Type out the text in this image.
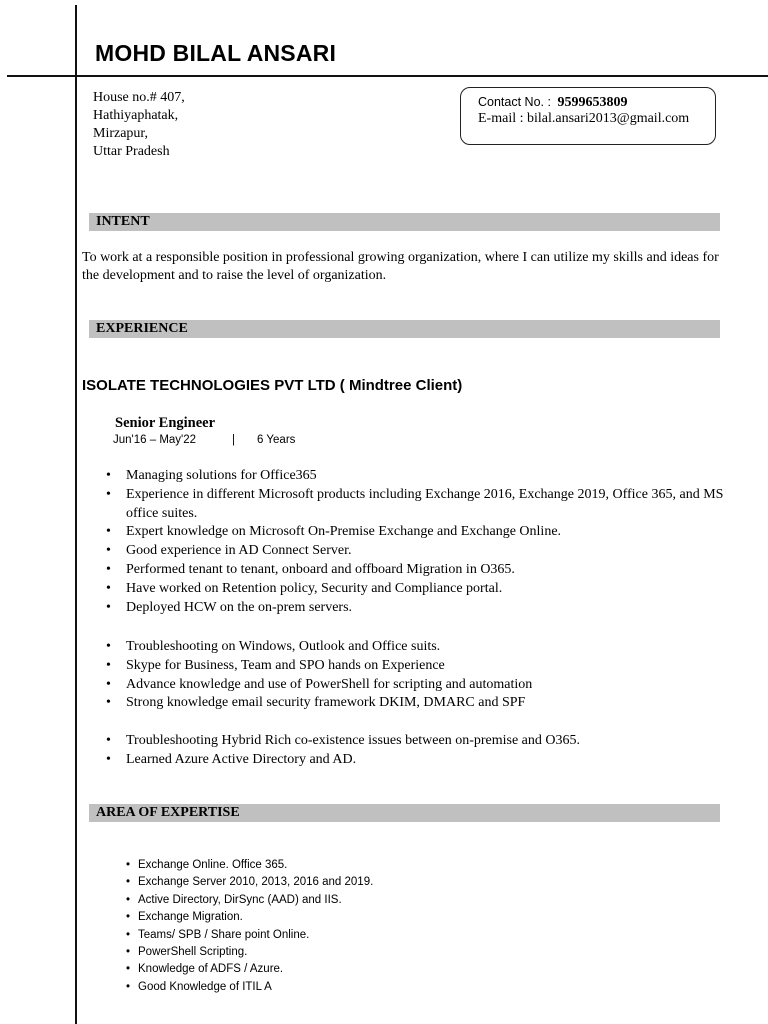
MOHD BILAL ANSARI
House no.# 407,
Hathiyaphatak,
Mirzapur,
Uttar Pradesh
Contact No. : 9599653809
E-mail : bilal.ansari2013@gmail.com
INTENT
To work at a responsible position in professional growing organization, where I can utilize my skills and ideas for the development and to raise the level of organization.
EXPERIENCE
ISOLATE TECHNOLOGIES PVT LTD ( Mindtree Client)
Senior Engineer
Jun'16 – May'22	| 6 Years
• Managing solutions for Office365
• Experience in different Microsoft products including Exchange 2016, Exchange 2019, Office 365, and MS office suites.
• Expert knowledge on Microsoft On-Premise Exchange and Exchange Online.
• Good experience in AD Connect Server.
• Performed tenant to tenant, onboard and offboard Migration in O365.
• Have worked on Retention policy, Security and Compliance portal.
• Deployed HCW on the on-prem servers.
• Troubleshooting on Windows, Outlook and Office suits.
• Skype for Business, Team and SPO hands on Experience
• Advance knowledge and use of PowerShell for scripting and automation
• Strong knowledge email security framework DKIM, DMARC and SPF
• Troubleshooting Hybrid Rich co-existence issues between on-premise and O365.
• Learned Azure Active Directory and AD.
AREA OF EXPERTISE
• Exchange Online. Office 365.
• Exchange Server 2010, 2013, 2016 and 2019.
• Active Directory, DirSync (AAD) and IIS.
• Exchange Migration.
• Teams/ SPB / Share point Online.
• PowerShell Scripting.
• Knowledge of ADFS / Azure.
• Good Knowledge of ITIL A
